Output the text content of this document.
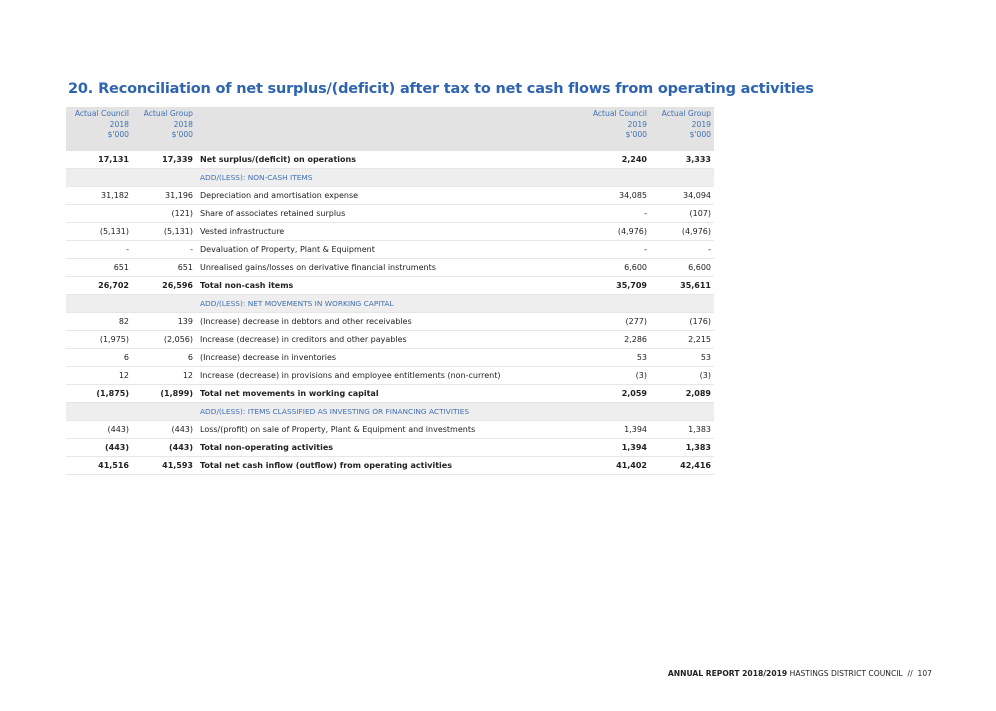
20. Reconciliation of net surplus/(deficit) after tax to net cash flows from operating activities
Actual Council
2018
$'000	Actual Group
2018
$'000		Actual Council
2019
$'000	Actual Group
2019
$'000

17,131	17,339	Net surplus/(deficit) on operations	2,240	3,333
		ADD/(LESS): NON-CASH ITEMS		
31,182	31,196	Depreciation and amortisation expense	34,085	34,094
	(121)	Share of associates retained surplus	-	(107)
(5,131)	(5,131)	Vested infrastructure	(4,976)	(4,976)
-	-	Devaluation of Property, Plant & Equipment	-	-
651	651	Unrealised gains/losses on derivative financial instruments	6,600	6,600
26,702	26,596	Total non-cash items	35,709	35,611
		ADD/(LESS): NET MOVEMENTS IN WORKING CAPITAL		
82	139	(Increase) decrease in debtors and other receivables	(277)	(176)
(1,975)	(2,056)	Increase (decrease) in creditors and other payables	2,286	2,215
6	6	(Increase) decrease in inventories	53	53
12	12	Increase (decrease) in provisions and employee entitlements (non-current)	(3)	(3)
(1,875)	(1,899)	Total net movements in working capital	2,059	2,089
		ADD/(LESS): ITEMS CLASSIFIED AS INVESTING OR FINANCING ACTIVITIES		
(443)	(443)	Loss/(profit) on sale of Property, Plant & Equipment and investments	1,394	1,383
(443)	(443)	Total non-operating activities	1,394	1,383
41,516	41,593	Total net cash inflow (outflow) from operating activities	41,402	42,416
ANNUAL REPORT 2018/2019 HASTINGS DISTRICT COUNCIL // 107
